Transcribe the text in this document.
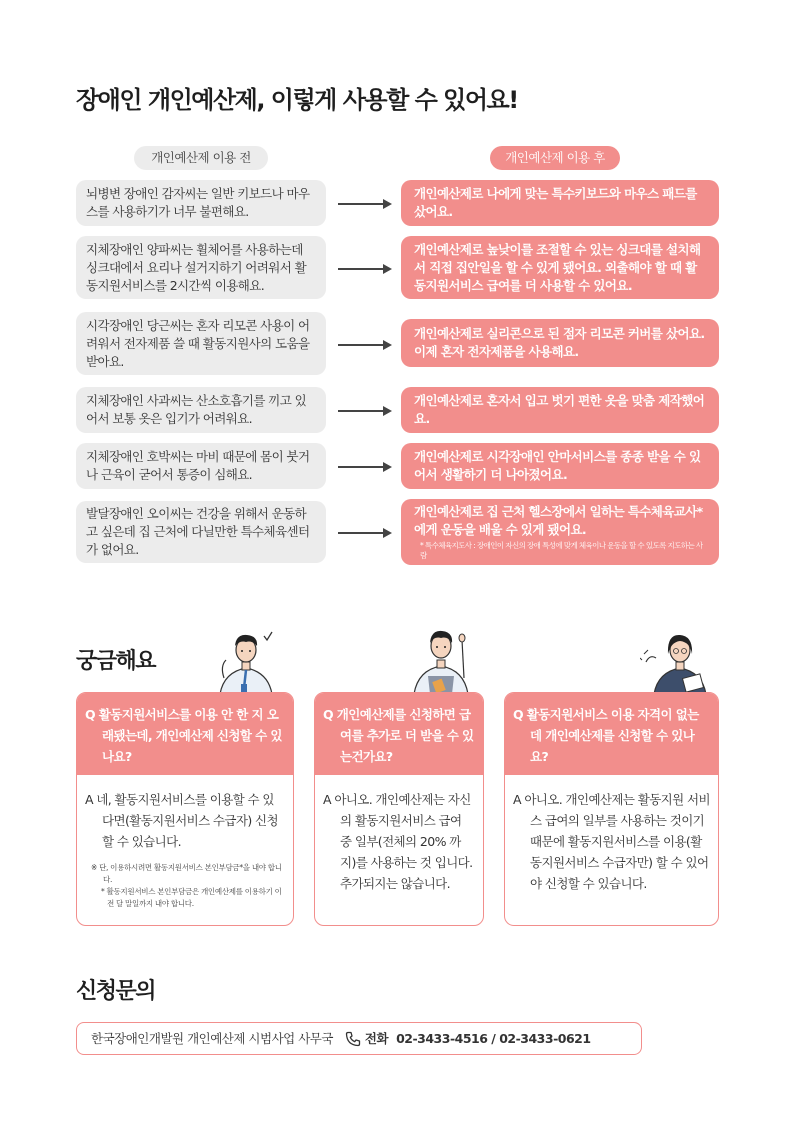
장애인 개인예산제, 이렇게 사용할 수 있어요!
개인예산제 이용 전	개인예산제 이용 후
뇌병변 장애인 감자씨는 일반 키보드나 마우스를 사용하기가 너무 불편해요.
개인예산제로 나에게 맞는 특수키보드와 마우스 패드를 샀어요.
지체장애인 양파씨는 휠체어를 사용하는데 싱크대에서 요리나 설거지하기 어려워서 활동지원서비스를 2시간씩 이용해요.
개인예산제로 높낮이를 조절할 수 있는 싱크대를 설치해서 직접 집안일을 할 수 있게 됐어요. 외출해야 할 때 활동지원서비스 급여를 더 사용할 수 있어요.
시각장애인 당근씨는 혼자 리모콘 사용이 어려워서 전자제품 쓸 때 활동지원사의 도움을 받아요.
개인예산제로 실리콘으로 된 점자 리모콘 커버를 샀어요. 이제 혼자 전자제품을 사용해요.
지체장애인 사과씨는 산소호흡기를 끼고 있어서 보통 옷은 입기가 어려워요.
개인예산제로 혼자서 입고 벗기 편한 옷을 맞춤 제작했어요.
지체장애인 호박씨는 마비 때문에 몸이 붓거나 근육이 굳어서 통증이 심해요.
개인예산제로 시각장애인 안마서비스를 종종 받을 수 있어서 생활하기 더 나아졌어요.
발달장애인 오이씨는 건강을 위해서 운동하고 싶은데 집 근처에 다닐만한 특수체육센터가 없어요.
개인예산제로 집 근처 헬스장에서 일하는 특수체육교사*에게 운동을 배울 수 있게 됐어요.
* 특수체육지도사 : 장애인이 자신의 장애 특성에 맞게 체육이나 운동을 할 수 있도록 지도하는 사람
궁금해요
Q 활동지원서비스를 이용 안 한 지 오래됐는데, 개인예산제 신청할 수 있나요?
A 네, 활동지원서비스를 이용할 수 있다면(활동지원서비스 수급자) 신청할 수 있습니다.
※ 단, 이용하시려면 활동지원서비스 본인부담금*을 내야 합니다.
* 활동지원서비스 본인부담금은 개인예산제를 이용하기 이전 달 말일까지 내야 합니다.
Q 개인예산제를 신청하면 급여를 추가로 더 받을 수 있는건가요?
A 아니오. 개인예산제는 자신의 활동지원서비스 급여 중 일부(전체의 20% 까지)를 사용하는 것 입니다. 추가되지는 않습니다.
Q 활동지원서비스 이용 자격이 없는데 개인예산제를 신청할 수 있나요?
A 아니오. 개인예산제는 활동지원 서비스 급여의 일부를 사용하는 것이기 때문에 활동지원서비스를 이용(활동지원서비스 수급자만) 할 수 있어야 신청할 수 있습니다.
신청문의
한국장애인개발원 개인예산제 시범사업 사무국	전화 02-3433-4516 / 02-3433-0621
